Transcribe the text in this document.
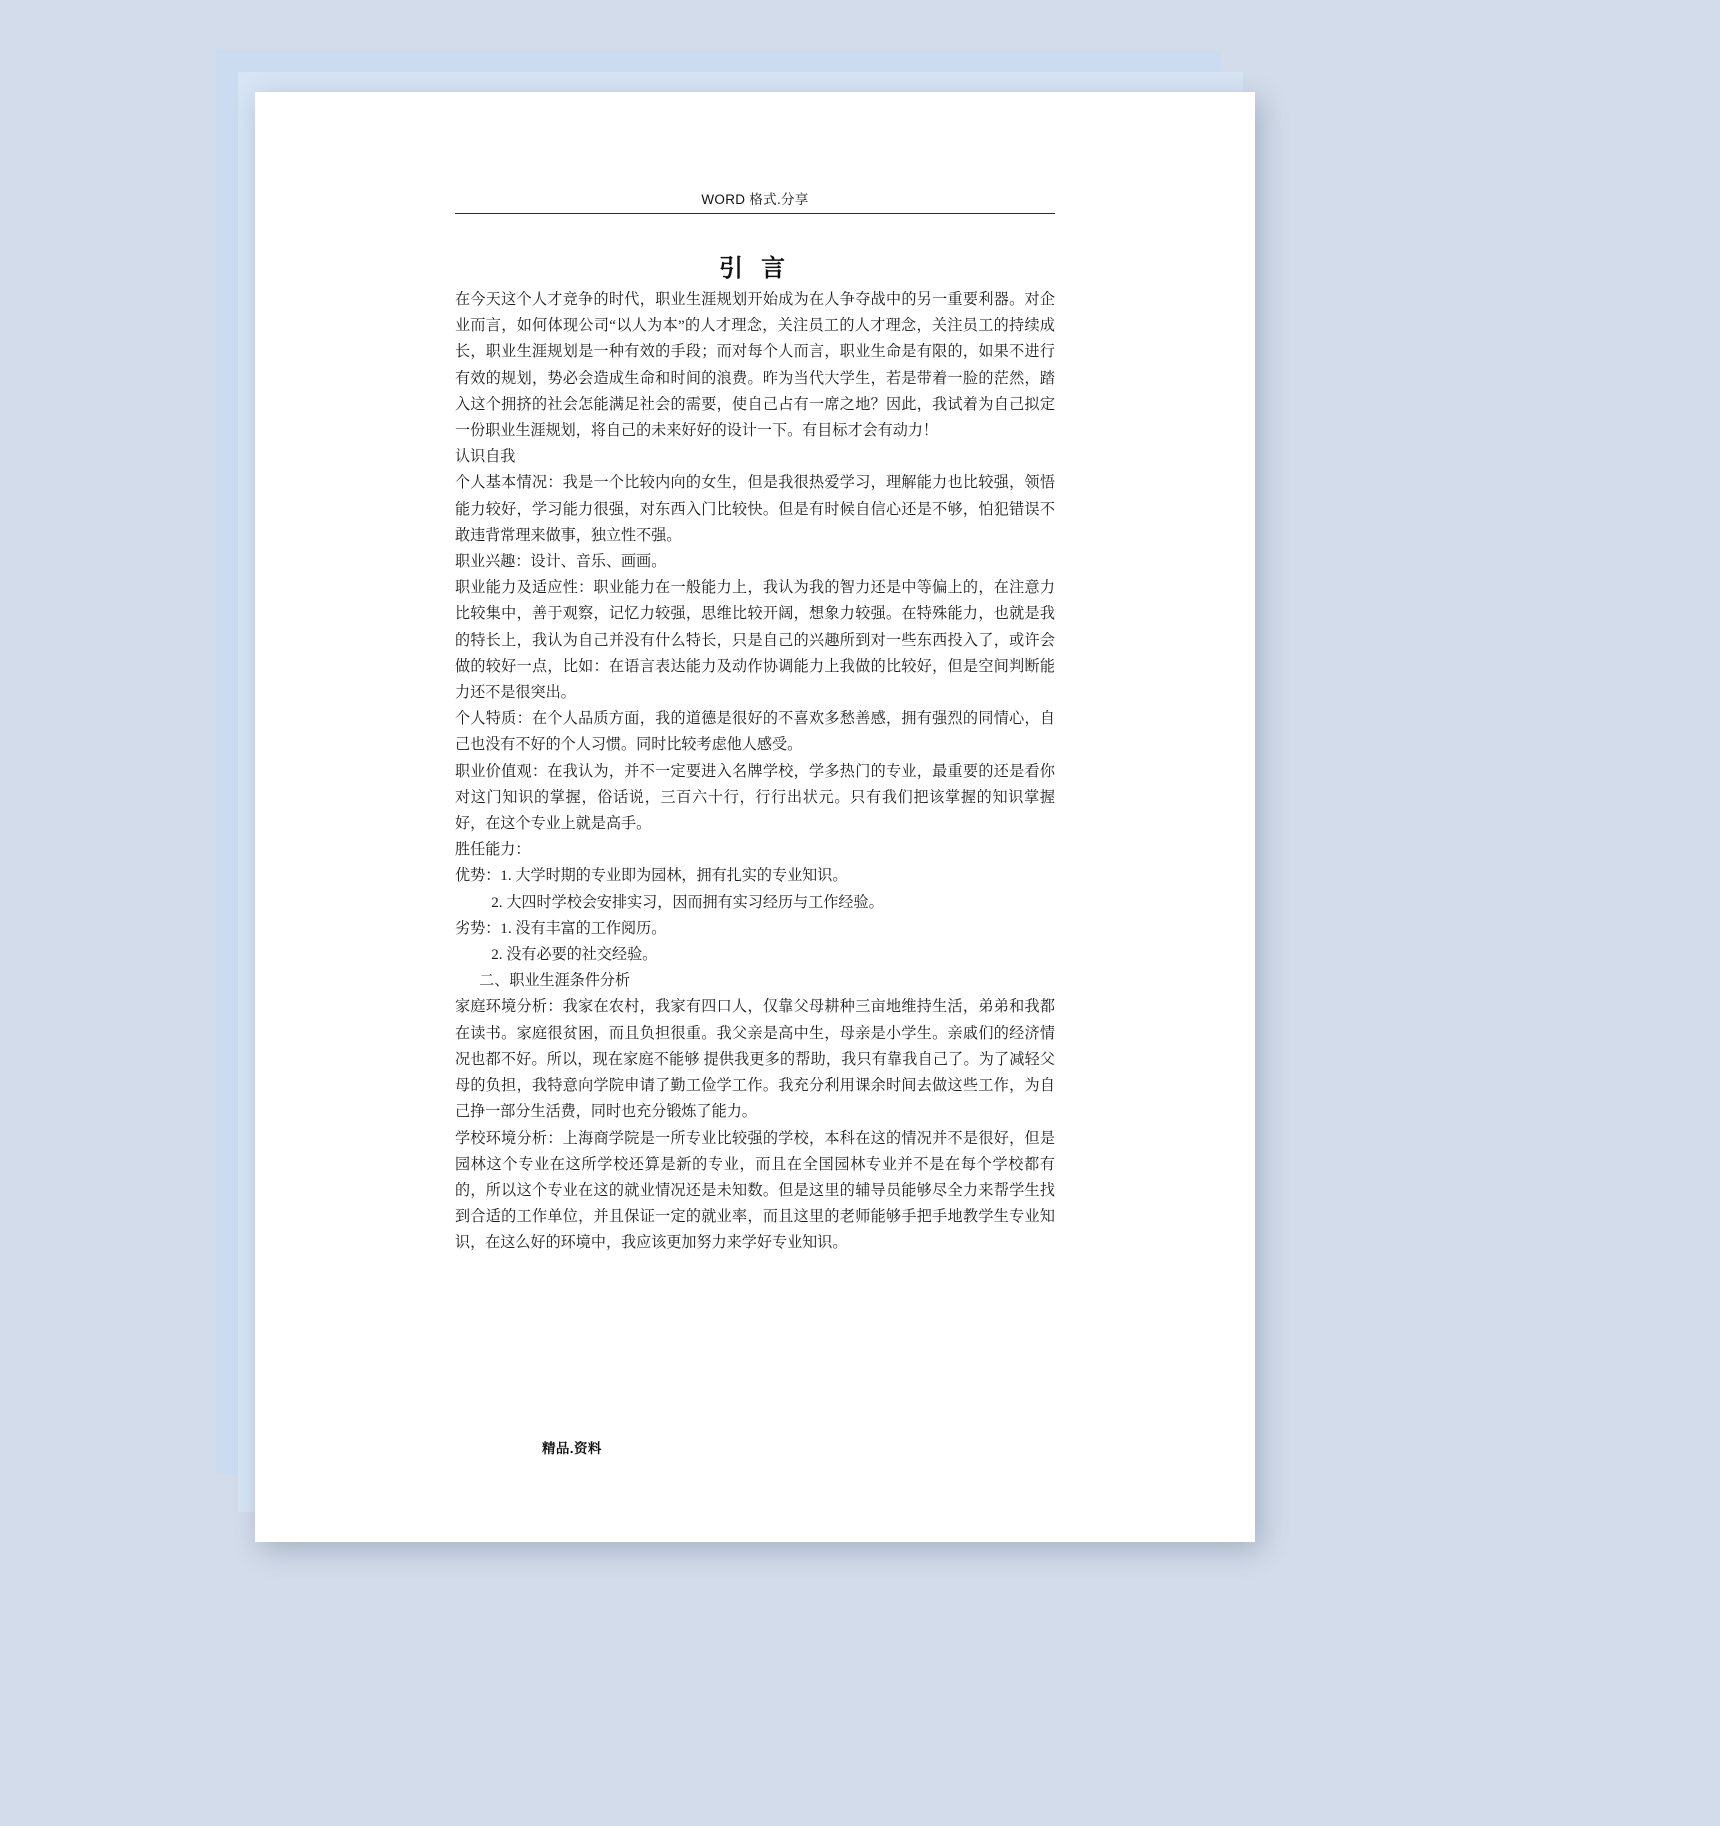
WORD 格式.分享
引 言

在今天这个人才竞争的时代，职业生涯规划开始成为在人争夺战中的另一重要利器。对企业而言，如何体现公司“以人为本”的人才理念，关注员工的人才理念，关注员工的持续成长，职业生涯规划是一种有效的手段；而对每个人而言，职业生命是有限的，如果不进行有效的规划，势必会造成生命和时间的浪费。昨为当代大学生，若是带着一脸的茫然，踏入这个拥挤的社会怎能满足社会的需要，使自己占有一席之地？因此，我试着为自己拟定一份职业生涯规划，将自己的未来好好的设计一下。有目标才会有动力！

认识自我

个人基本情况：我是一个比较内向的女生，但是我很热爱学习，理解能力也比较强，领悟能力较好，学习能力很强，对东西入门比较快。但是有时候自信心还是不够，怕犯错误不敢违背常理来做事，独立性不强。

职业兴趣：设计、音乐、画画。

职业能力及适应性：职业能力在一般能力上，我认为我的智力还是中等偏上的，在注意力比较集中，善于观察，记忆力较强，思维比较开阔，想象力较强。在特殊能力，也就是我的特长上，我认为自己并没有什么特长，只是自己的兴趣所到对一些东西投入了，或许会做的较好一点，比如：在语言表达能力及动作协调能力上我做的比较好，但是空间判断能力还不是很突出。

个人特质：在个人品质方面，我的道德是很好的不喜欢多愁善感，拥有强烈的同情心，自己也没有不好的个人习惯。同时比较考虑他人感受。

职业价值观：在我认为，并不一定要进入名牌学校，学多热门的专业，最重要的还是看你对这门知识的掌握，俗话说，三百六十行，行行出状元。只有我们把该掌握的知识掌握好，在这个专业上就是高手。

胜任能力：

优势：1. 大学时期的专业即为园林，拥有扎实的专业知识。

2. 大四时学校会安排实习，因而拥有实习经历与工作经验。

劣势：1. 没有丰富的工作阅历。

2. 没有必要的社交经验。

二、职业生涯条件分析

家庭环境分析：我家在农村，我家有四口人，仅靠父母耕种三亩地维持生活，弟弟和我都在读书。家庭很贫困，而且负担很重。我父亲是高中生，母亲是小学生。亲戚们的经济情况也都不好。所以，现在家庭不能够 提供我更多的帮助，我只有靠我自己了。为了减轻父母的负担，我特意向学院申请了勤工俭学工作。我充分利用课余时间去做这些工作，为自己挣一部分生活费，同时也充分锻炼了能力。

学校环境分析：上海商学院是一所专业比较强的学校，本科在这的情况并不是很好，但是园林这个专业在这所学校还算是新的专业，而且在全国园林专业并不是在每个学校都有的，所以这个专业在这的就业情况还是未知数。但是这里的辅导员能够尽全力来帮学生找到合适的工作单位，并且保证一定的就业率，而且这里的老师能够手把手地教学生专业知识，在这么好的环境中，我应该更加努力来学好专业知识。

精品.资料
